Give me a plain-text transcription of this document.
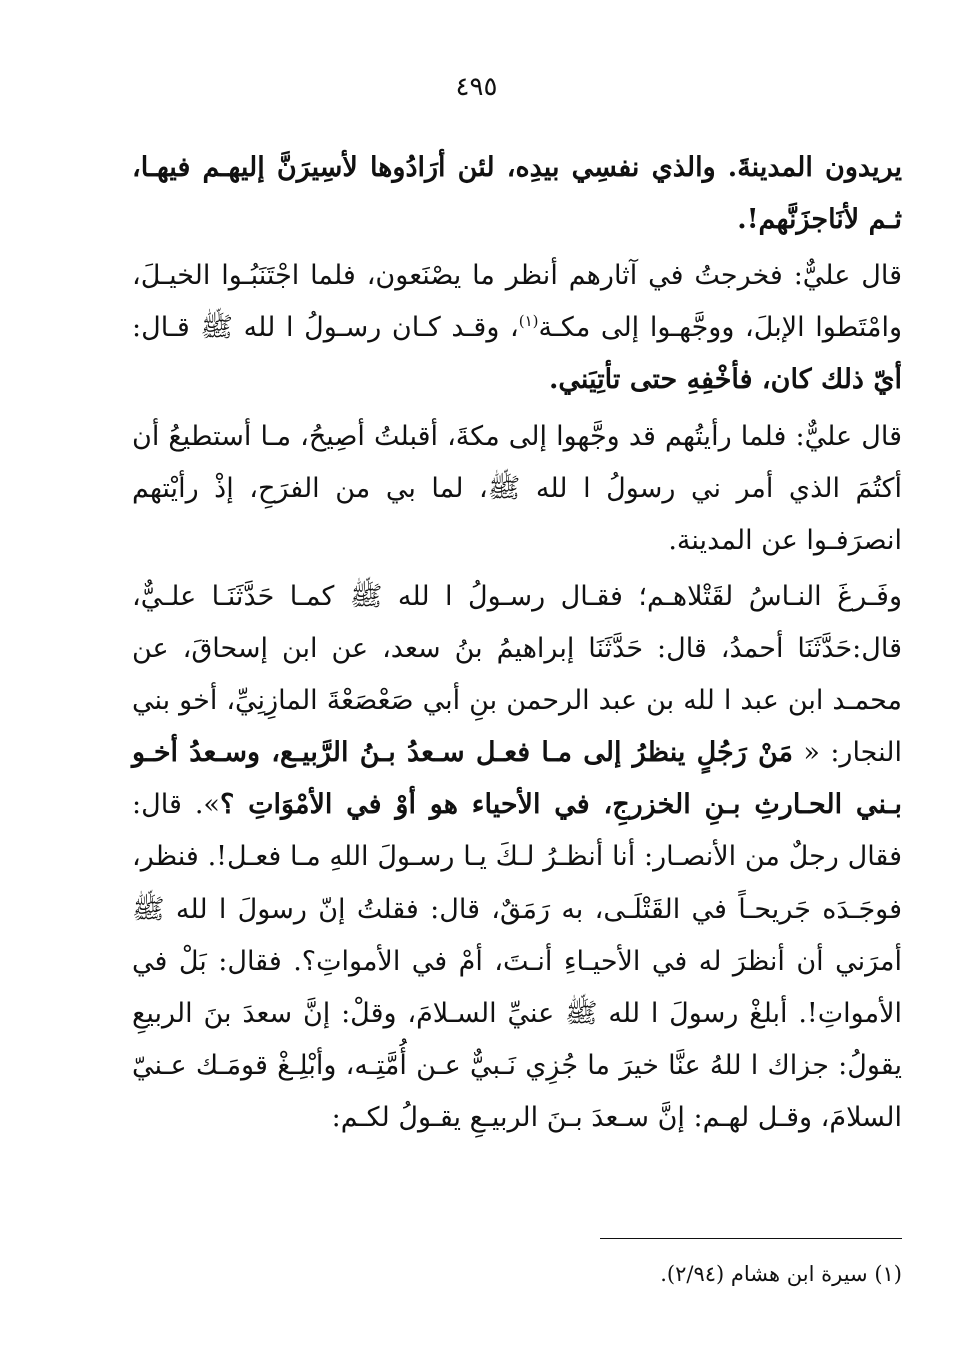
٤٩٥

يريدون المدينةَ. والذي نفسِي بيدِه، لئن أرَادُوها لأسِيرَنَّ إليهـم فيهـا، ثـم لأنَاجزَنَّهم!.

قال عليٌّ: فخرجتُ في آثارهم أنظر ما يصْنَعون، فلما اجْتَنَبُـوا الخيـلَ، وامْتَطوا الإبلَ، ووجَّهـوا إلى مكـة$^{(١)}$، وقـد كـان رسـولُ ا لله ﷺ قـال: أيّ ذلك كان، فأخْفِهِ حتى تأتِيَني.

قال عليٌّ: فلما رأيتُهم قد وجَّهوا إلى مكةَ، أقبلتُ أصِيحُ، مـا أستطيعُ أن أكتُمَ الذي أمر ني رسولُ ا لله ﷺ، لما بي من الفرَحِ، إذْ رأيْتهم انصرَفـوا عن المدينة.

وفَـرغَ النـاسُ لقَتْلاهـم؛ فقـال رسـولُ ا لله ﷺ كمـا حَدَّثَنَـا علـيٌّ، قال:حَدَّثَنَا أحمدُ، قال: حَدَّثَنَا إبراهيمُ بنُ سعد، عن ابن إسحاقَ، عن محمـد ابن عبد ا لله بن عبد الرحمن بنِ أبي صَعْصَعْةَ المازِنِيِّ، أخو بني النجار: « مَنْ رَجُلٍ ينظرُ إلى مـا فعـل سـعدُ بـنُ الرَّبيـع، وسـعدُ أخـو بـني الحـارثِ بـنِ الخزرجِ، في الأحياء هو أوْ في الأمْوَاتِ ؟». قال: فقال رجلٌ من الأنصـار: أنا أنظـرُ لـكَ يـا رسـولَ اللهِ مـا فعـل!. فنظر، فوجَـدَه جَريحـاً في القَتْلَـى، به رَمَقٌ، قال: فقلتُ إنّ رسولَ ا لله ﷺ أمرَني أن أنظرَ له في الأحيـاءِ أنـتَ، أمْ في الأمواتِ؟. فقال: بَلْ في الأمواتِ!. أبلغْ رسولَ ا لله ﷺ عنيِّ السـلامَ، وقلْ: إنَّ سعدَ بنَ الربيعِ يقولُ: جزاك ا للهُ عنَّا خيرَ ما جُزِي نَـبيٌّ عـن أُمَّتِـه، وأبْلِـغْ قومَـك عـنيّ السلامَ، وقـل لهـم: إنَّ سـعدَ بـنَ الربيـعِ يقـولُ لكـم:

(١) سيرة ابن هشام (٢/٩٤).
